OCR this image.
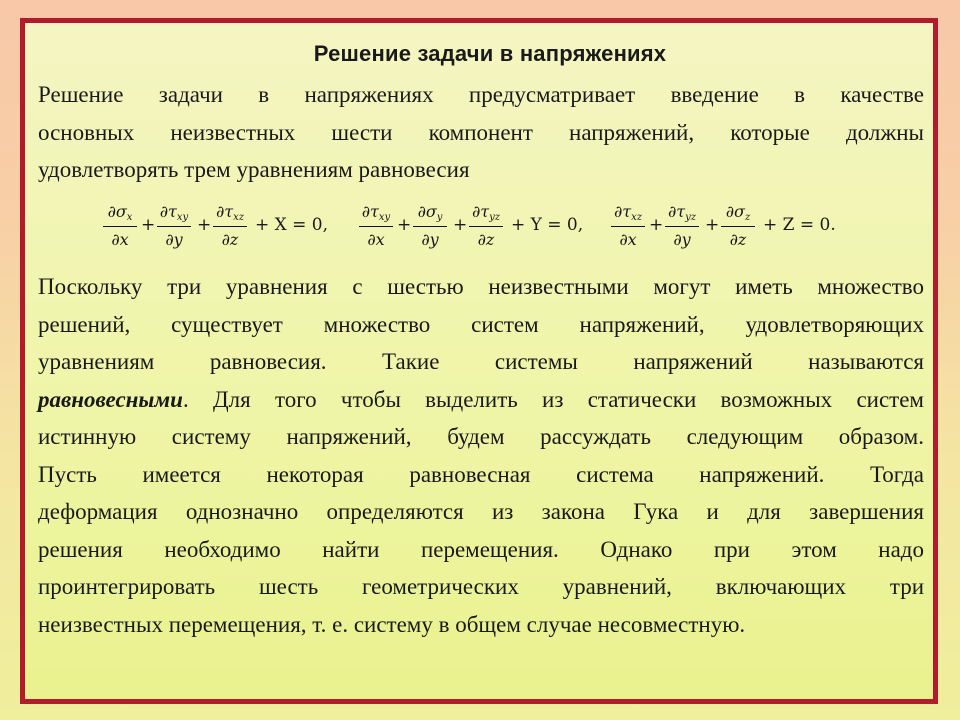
Решение задачи в напряжениях
Решение задачи в напряжениях предусматривает введение в качестве
основных неизвестных шести компонент напряжений, которые должны
удовлетворять трем уравнениям равновесия
$\partial\sigma_x$
∂x
+
$\partial\tau_{xy}$
∂y
+
$\partial\tau_{xz}$
∂z
+ X = 0,
$\partial\tau_{xy}$
∂x
+
$\partial\sigma_y$
∂y
+
$\partial\tau_{yz}$
∂z
+ Y = 0,
$\partial\tau_{xz}$
∂x
+
$\partial\tau_{yz}$
∂y
+
$\partial\sigma_z$
∂z
+ Z = 0.
Поскольку три уравнения с шестью неизвестными могут иметь множество
решений, существует множество систем напряжений, удовлетворяющих
уравнениям равновесия. Такие системы напряжений называются
равновесными. Для того чтобы выделить из статически возможных систем
истинную систему напряжений, будем рассуждать следующим образом.
Пусть имеется некоторая равновесная система напряжений. Тогда
деформация однозначно определяются из закона Гука и для завершения
решения необходимо найти перемещения. Однако при этом надо
проинтегрировать шесть геометрических уравнений, включающих три
неизвестных перемещения, т. е. систему в общем случае несовместную.
